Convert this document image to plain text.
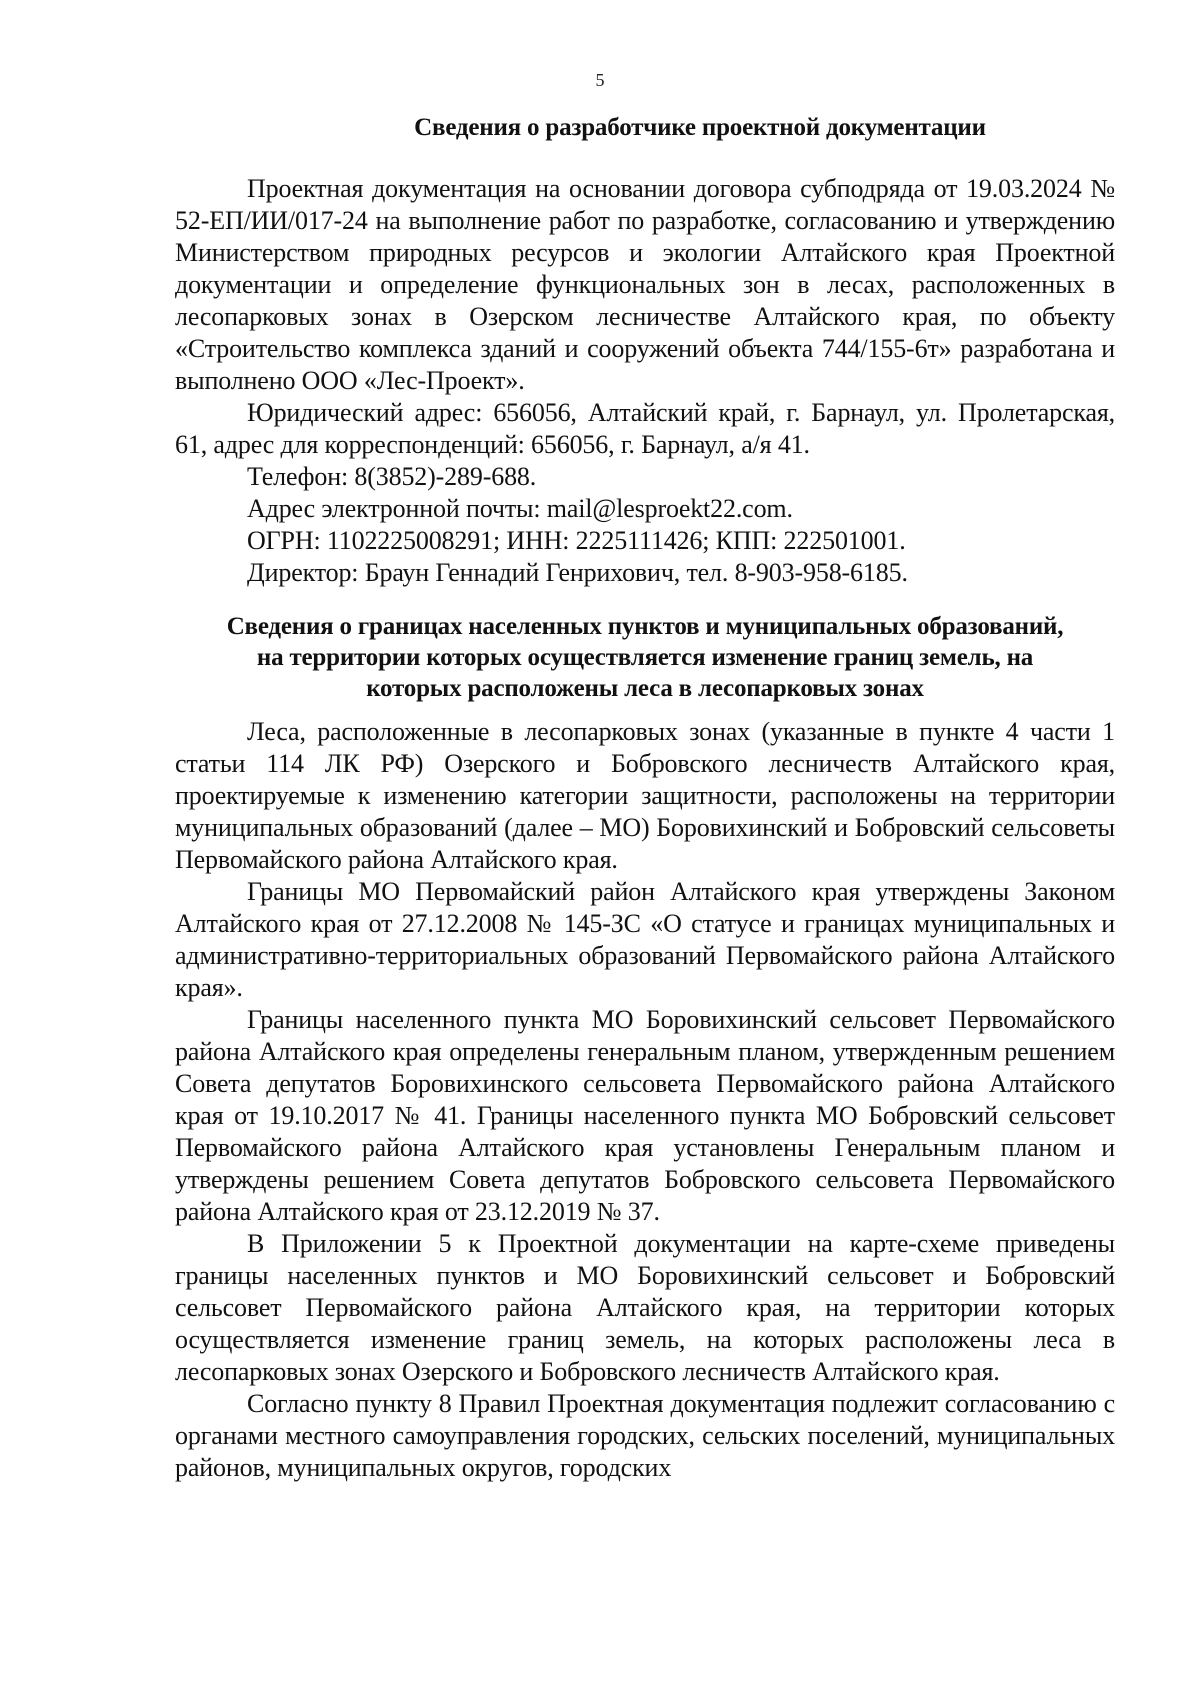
5
Сведения о разработчике проектной документации

Проектная документация на основании договора субподряда от 19.03.2024 № 52-ЕП/ИИ/017-24 на выполнение работ по разработке, согласованию и утверждению Министерством природных ресурсов и экологии Алтайского края Проектной документации и определение функциональных зон в лесах, расположенных в лесопарковых зонах в Озерском лесничестве Алтайского края, по объекту «Строительство комплекса зданий и сооружений объекта 744/155-6т» разработана и выполнено ООО «Лес-Проект».

Юридический адрес: 656056, Алтайский край, г. Барнаул, ул. Пролетарская, 61, адрес для корреспонденций: 656056, г. Барнаул, а/я 41.

Телефон: 8(3852)-289-688.

Адрес электронной почты: mail@lesproekt22.com.

ОГРН: 1102225008291; ИНН: 2225111426; КПП: 222501001.

Директор: Браун Геннадий Генрихович, тел. 8-903-958-6185.

Сведения о границах населенных пунктов и муниципальных образований,
на территории которых осуществляется изменение границ земель, на
которых расположены леса в лесопарковых зонах

Леса, расположенные в лесопарковых зонах (указанные в пункте 4 части 1 статьи 114 ЛК РФ) Озерского и Бобровского лесничеств Алтайского края, проектируемые к изменению категории защитности, расположены на территории муниципальных образований (далее – МО) Боровихинский и Бобровский сельсоветы Первомайского района Алтайского края.

Границы МО Первомайский район Алтайского края утверждены Законом Алтайского края от 27.12.2008 № 145-ЗС «О статусе и границах муниципальных и административно-территориальных образований Первомайского района Алтайского края».

Границы населенного пункта МО Боровихинский сельсовет Первомайского района Алтайского края определены генеральным планом, утвержденным решением Совета депутатов Боровихинского сельсовета Первомайского района Алтайского края от 19.10.2017 № 41. Границы населенного пункта МО Бобровский сельсовет Первомайского района Алтайского края установлены Генеральным планом и утверждены решением Совета депутатов Бобровского сельсовета Первомайского района Алтайского края от 23.12.2019 № 37.

В Приложении 5 к Проектной документации на карте-схеме приведены границы населенных пунктов и МО Боровихинский сельсовет и Бобровский сельсовет Первомайского района Алтайского края, на территории которых осуществляется изменение границ земель, на которых расположены леса в лесопарковых зонах Озерского и Бобровского лесничеств Алтайского края.

Согласно пункту 8 Правил Проектная документация подлежит согласованию с органами местного самоуправления городских, сельских поселений, муниципальных районов, муниципальных округов, городских
